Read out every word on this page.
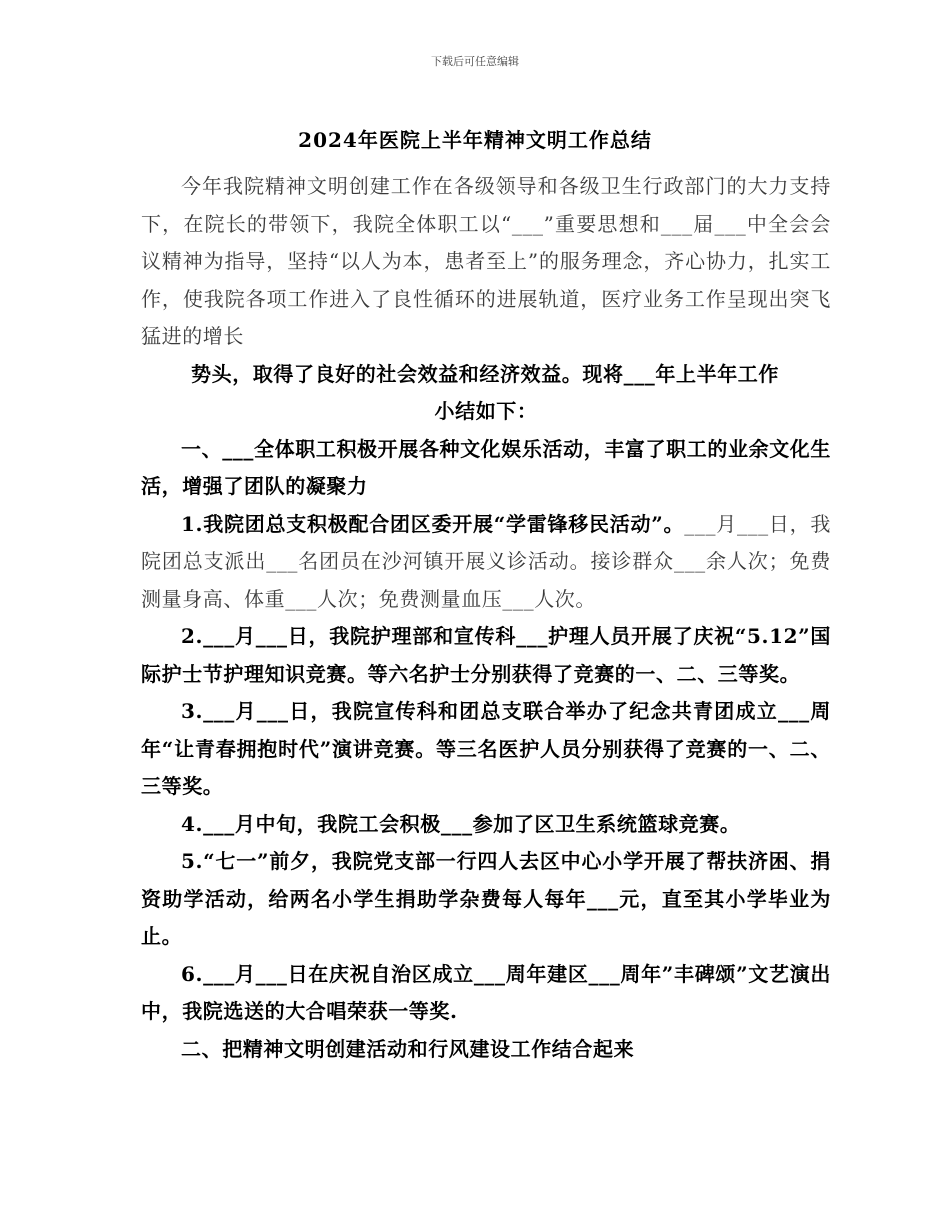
下载后可任意编辑
2024年医院上半年精神文明工作总结

今年我院精神文明创建工作在各级领导和各级卫生行政部门的大力支持下，在院长的带领下，我院全体职工以“___”重要思想和___届___中全会会议精神为指导，坚持“以人为本，患者至上”的服务理念，齐心协力，扎实工作，使我院各项工作进入了良性循环的进展轨道，医疗业务工作呈现出突飞猛进的增长

势头，取得了良好的社会效益和经济效益。现将___年上半年工作

小结如下：

一、___全体职工积极开展各种文化娱乐活动，丰富了职工的业余文化生活，增强了团队的凝聚力

1.我院团总支积极配合团区委开展“学雷锋移民活动”。___月___日，我院团总支派出___名团员在沙河镇开展义诊活动。接诊群众___余人次；免费测量身高、体重___人次；免费测量血压___人次。

2.___月___日，我院护理部和宣传科___护理人员开展了庆祝“5.12”国际护士节护理知识竞赛。等六名护士分别获得了竞赛的一、二、三等奖。

3.___月___日，我院宣传科和团总支联合举办了纪念共青团成立___周年“让青春拥抱时代”演讲竞赛。等三名医护人员分别获得了竞赛的一、二、三等奖。

4.___月中旬，我院工会积极___参加了区卫生系统篮球竞赛。

5.“七一”前夕，我院党支部一行四人去区中心小学开展了帮扶济困、捐资助学活动，给两名小学生捐助学杂费每人每年___元，直至其小学毕业为止。

6.___月___日在庆祝自治区成立___周年建区___周年”丰碑颂”文艺演出中，我院选送的大合唱荣获一等奖.

二、把精神文明创建活动和行风建设工作结合起来
